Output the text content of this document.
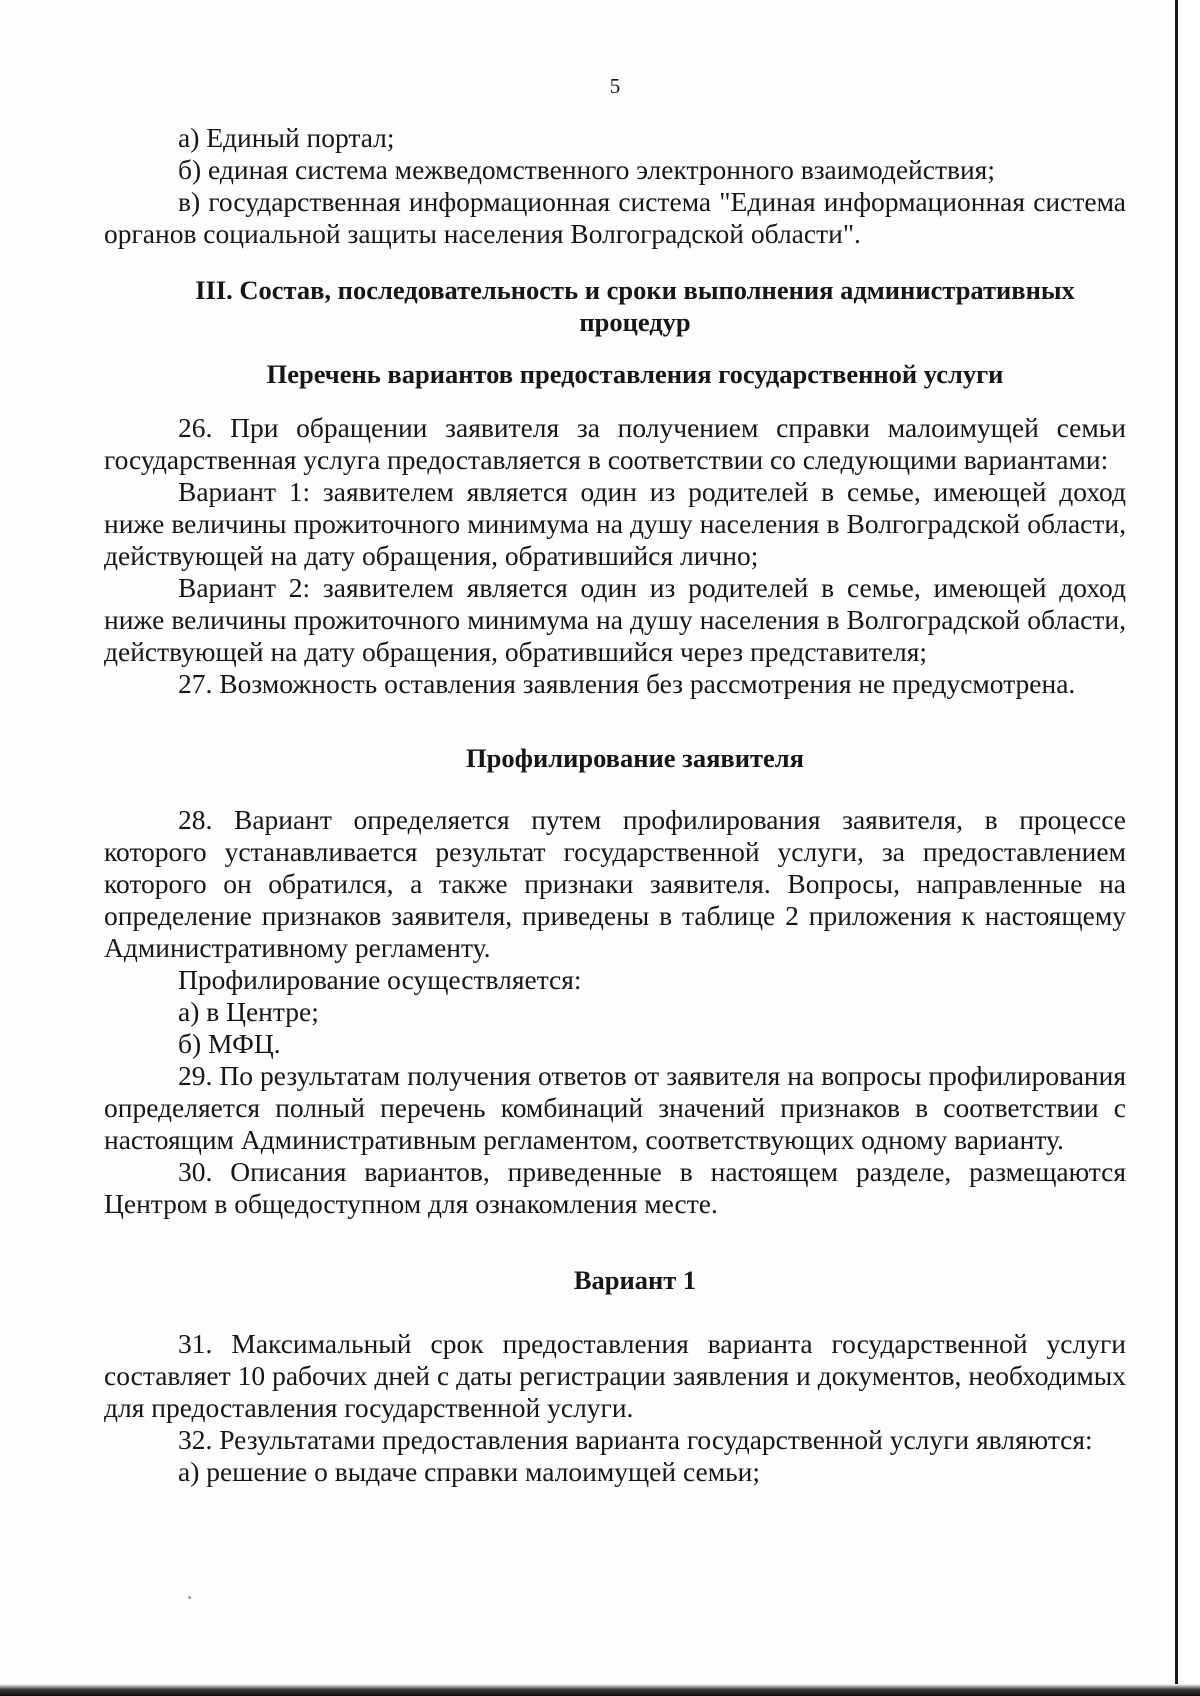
5

а) Единый портал;

б) единая система межведомственного электронного взаимодействия;

в) государственная информационная система "Единая информационная система органов социальной защиты населения Волгоградской области".

III. Состав, последовательность и сроки выполнения административных процедур
Перечень вариантов предоставления государственной услуги

26. При обращении заявителя за получением справки малоимущей семьи государственная услуга предоставляется в соответствии со следующими вариантами:

Вариант 1: заявителем является один из родителей в семье, имеющей доход ниже величины прожиточного минимума на душу населения в Волгоградской области, действующей на дату обращения, обратившийся лично;

Вариант 2: заявителем является один из родителей в семье, имеющей доход ниже величины прожиточного минимума на душу населения в Волгоградской области, действующей на дату обращения, обратившийся через представителя;

27. Возможность оставления заявления без рассмотрения не предусмотрена.

Профилирование заявителя

28. Вариант определяется путем профилирования заявителя, в процессе которого устанавливается результат государственной услуги, за предоставлением которого он обратился, а также признаки заявителя. Вопросы, направленные на определение признаков заявителя, приведены в таблице 2 приложения к настоящему Административному регламенту.

Профилирование осуществляется:

а) в Центре;

б) МФЦ.

29. По результатам получения ответов от заявителя на вопросы профилирования определяется полный перечень комбинаций значений признаков в соответствии с настоящим Административным регламентом, соответствующих одному варианту.

30. Описания вариантов, приведенные в настоящем разделе, размещаются Центром в общедоступном для ознакомления месте.

Вариант 1

31. Максимальный срок предоставления варианта государственной услуги составляет 10 рабочих дней с даты регистрации заявления и документов, необходимых для предоставления государственной услуги.

32. Результатами предоставления варианта государственной услуги являются:

а) решение о выдаче справки малоимущей семьи;
